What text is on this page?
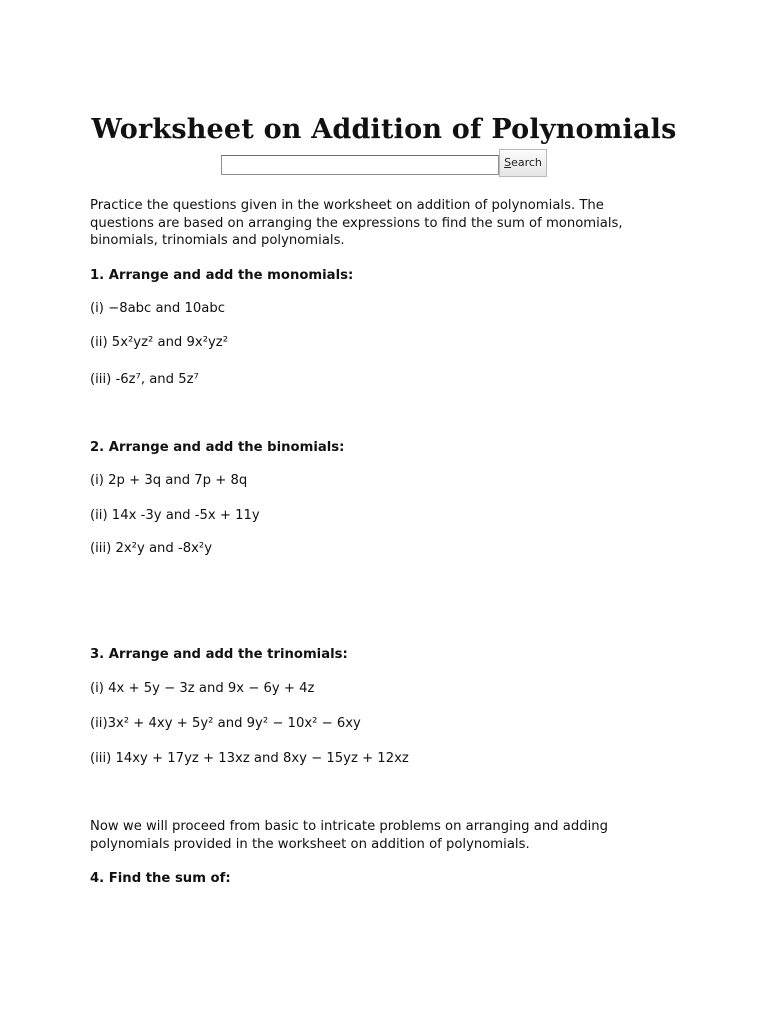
Worksheet on Addition of Polynomials
Search
Practice the questions given in the worksheet on addition of polynomials. The
questions are based on arranging the expressions to find the sum of monomials,
binomials, trinomials and polynomials.
1. Arrange and add the monomials:
(i) −8abc and 10abc
(ii) 5x²yz² and 9x²yz²
(iii) -6z⁷, and 5z⁷
2. Arrange and add the binomials:
(i) 2p + 3q and 7p + 8q
(ii) 14x -3y and -5x + 11y
(iii) 2x²y and -8x²y
3. Arrange and add the trinomials:
(i) 4x + 5y − 3z and 9x − 6y + 4z
(ii)3x² + 4xy + 5y² and 9y² − 10x² − 6xy
(iii) 14xy + 17yz + 13xz and 8xy − 15yz + 12xz
Now we will proceed from basic to intricate problems on arranging and adding
polynomials provided in the worksheet on addition of polynomials.
4. Find the sum of:
